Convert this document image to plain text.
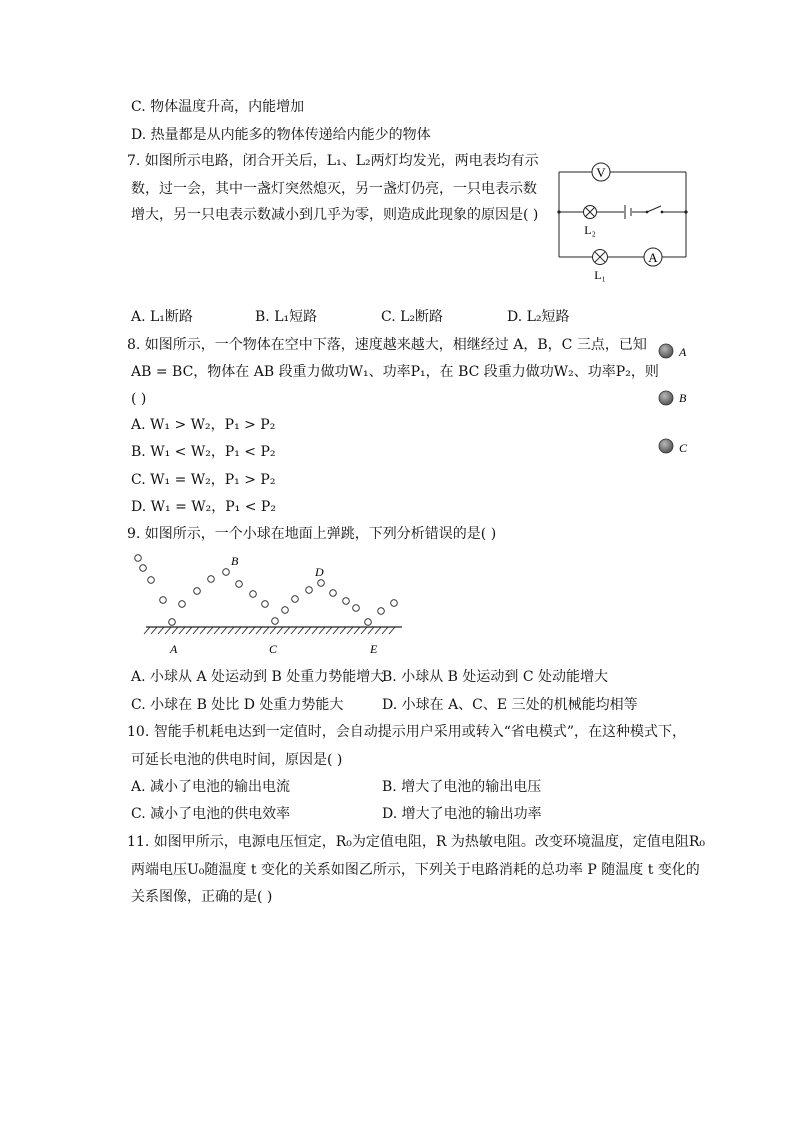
C. 物体温度升高，内能增加
D. 热量都是从内能多的物体传递给内能少的物体
7. 如图所示电路，闭合开关后，L₁、L₂两灯均发光，两电表均有示
数，过一会，其中一盏灯突然熄灭，另一盏灯仍亮，一只电表示数
增大，另一只电表示数减小到几乎为零，则造成此现象的原因是( )
V
A
L₂
L₁
A. L₁断路	B. L₁短路	C. L₂断路	D. L₂短路
8. 如图所示，一个物体在空中下落，速度越来越大，相继经过 A，B，C 三点，已知
AB = BC，物体在 AB 段重力做功W₁、功率P₁，在 BC 段重力做功W₂、功率P₂，则
( )
A. W₁ > W₂，P₁ > P₂
B. W₁ < W₂，P₁ < P₂
C. W₁ = W₂，P₁ > P₂
D. W₁ = W₂，P₁ < P₂
A
B
C
9. 如图所示，一个小球在地面上弹跳，下列分析错误的是( )
B
D
A	C	E
A. 小球从 A 处运动到 B 处重力势能增大
B. 小球从 B 处运动到 C 处动能增大
C. 小球在 B 处比 D 处重力势能大	D. 小球在 A、C、E 三处的机械能均相等
10. 智能手机耗电达到一定值时，会自动提示用户采用或转入“省电模式”，在这种模式下，
可延长电池的供电时间，原因是( )
A. 减小了电池的输出电流	B. 增大了电池的输出电压
C. 减小了电池的供电效率	D. 增大了电池的输出功率
11. 如图甲所示，电源电压恒定，R₀为定值电阻，R 为热敏电阻。改变环境温度，定值电阻R₀
两端电压U₀随温度 t 变化的关系如图乙所示，下列关于电路消耗的总功率 P 随温度 t 变化的
关系图像，正确的是( )
